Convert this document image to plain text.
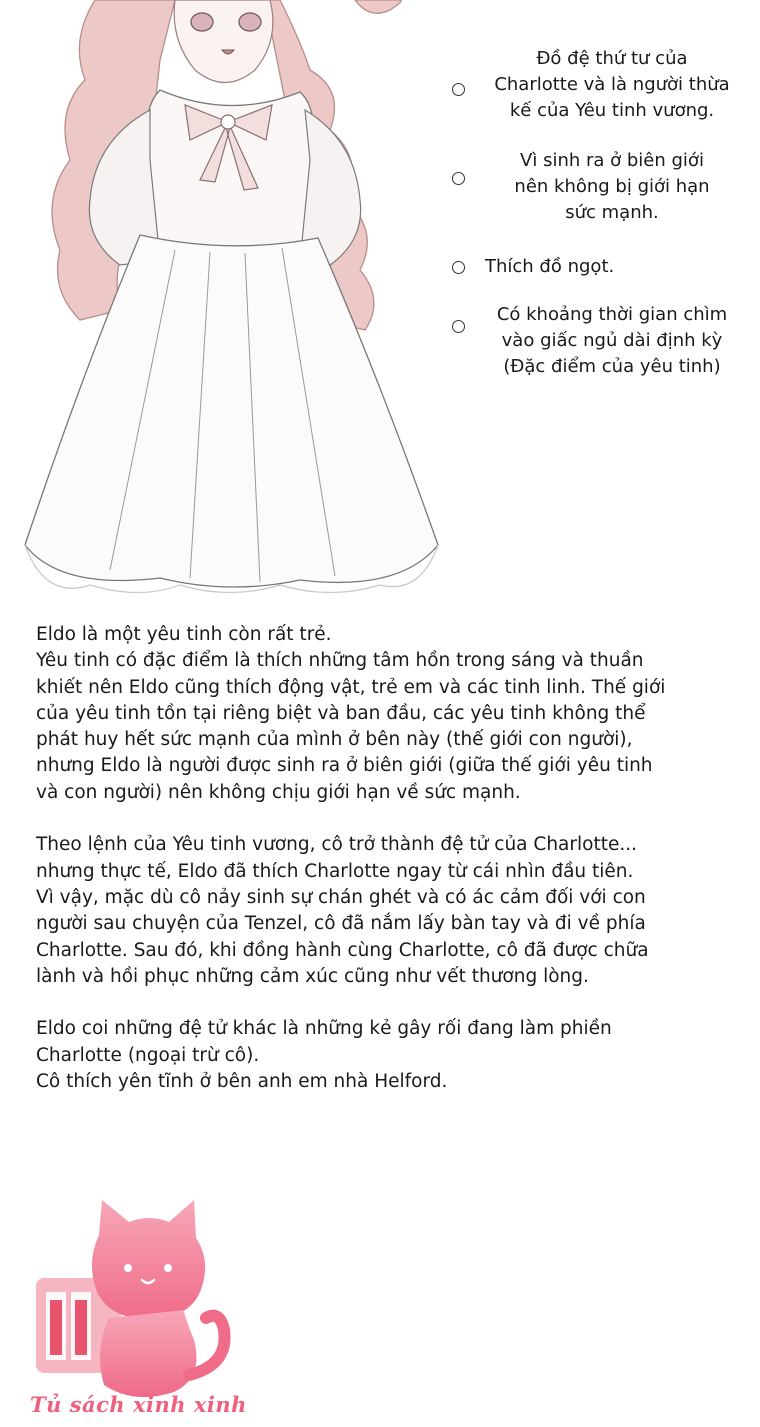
Đồ đệ thứ tư của
Charlotte và là người thừa
kế của Yêu tinh vương.
Vì sinh ra ở biên giới
nên không bị giới hạn
sức mạnh.
Thích đồ ngọt.
Có khoảng thời gian chìm
vào giấc ngủ dài định kỳ
(Đặc điểm của yêu tinh)

Eldo là một yêu tinh còn rất trẻ.
Yêu tinh có đặc điểm là thích những tâm hồn trong sáng và thuần
khiết nên Eldo cũng thích động vật, trẻ em và các tinh linh. Thế giới
của yêu tinh tồn tại riêng biệt và ban đầu, các yêu tinh không thể
phát huy hết sức mạnh của mình ở bên này (thế giới con người),
nhưng Eldo là người được sinh ra ở biên giới (giữa thế giới yêu tinh
và con người) nên không chịu giới hạn về sức mạnh.

Theo lệnh của Yêu tinh vương, cô trở thành đệ tử của Charlotte...
nhưng thực tế, Eldo đã thích Charlotte ngay từ cái nhìn đầu tiên.
Vì vậy, mặc dù cô nảy sinh sự chán ghét và có ác cảm đối với con
người sau chuyện của Tenzel, cô đã nắm lấy bàn tay và đi về phía
Charlotte. Sau đó, khi đồng hành cùng Charlotte, cô đã được chữa
lành và hồi phục những cảm xúc cũng như vết thương lòng.

Eldo coi những đệ tử khác là những kẻ gây rối đang làm phiền
Charlotte (ngoại trừ cô).
Cô thích yên tĩnh ở bên anh em nhà Helford.

Tủ sách xinh xinh
